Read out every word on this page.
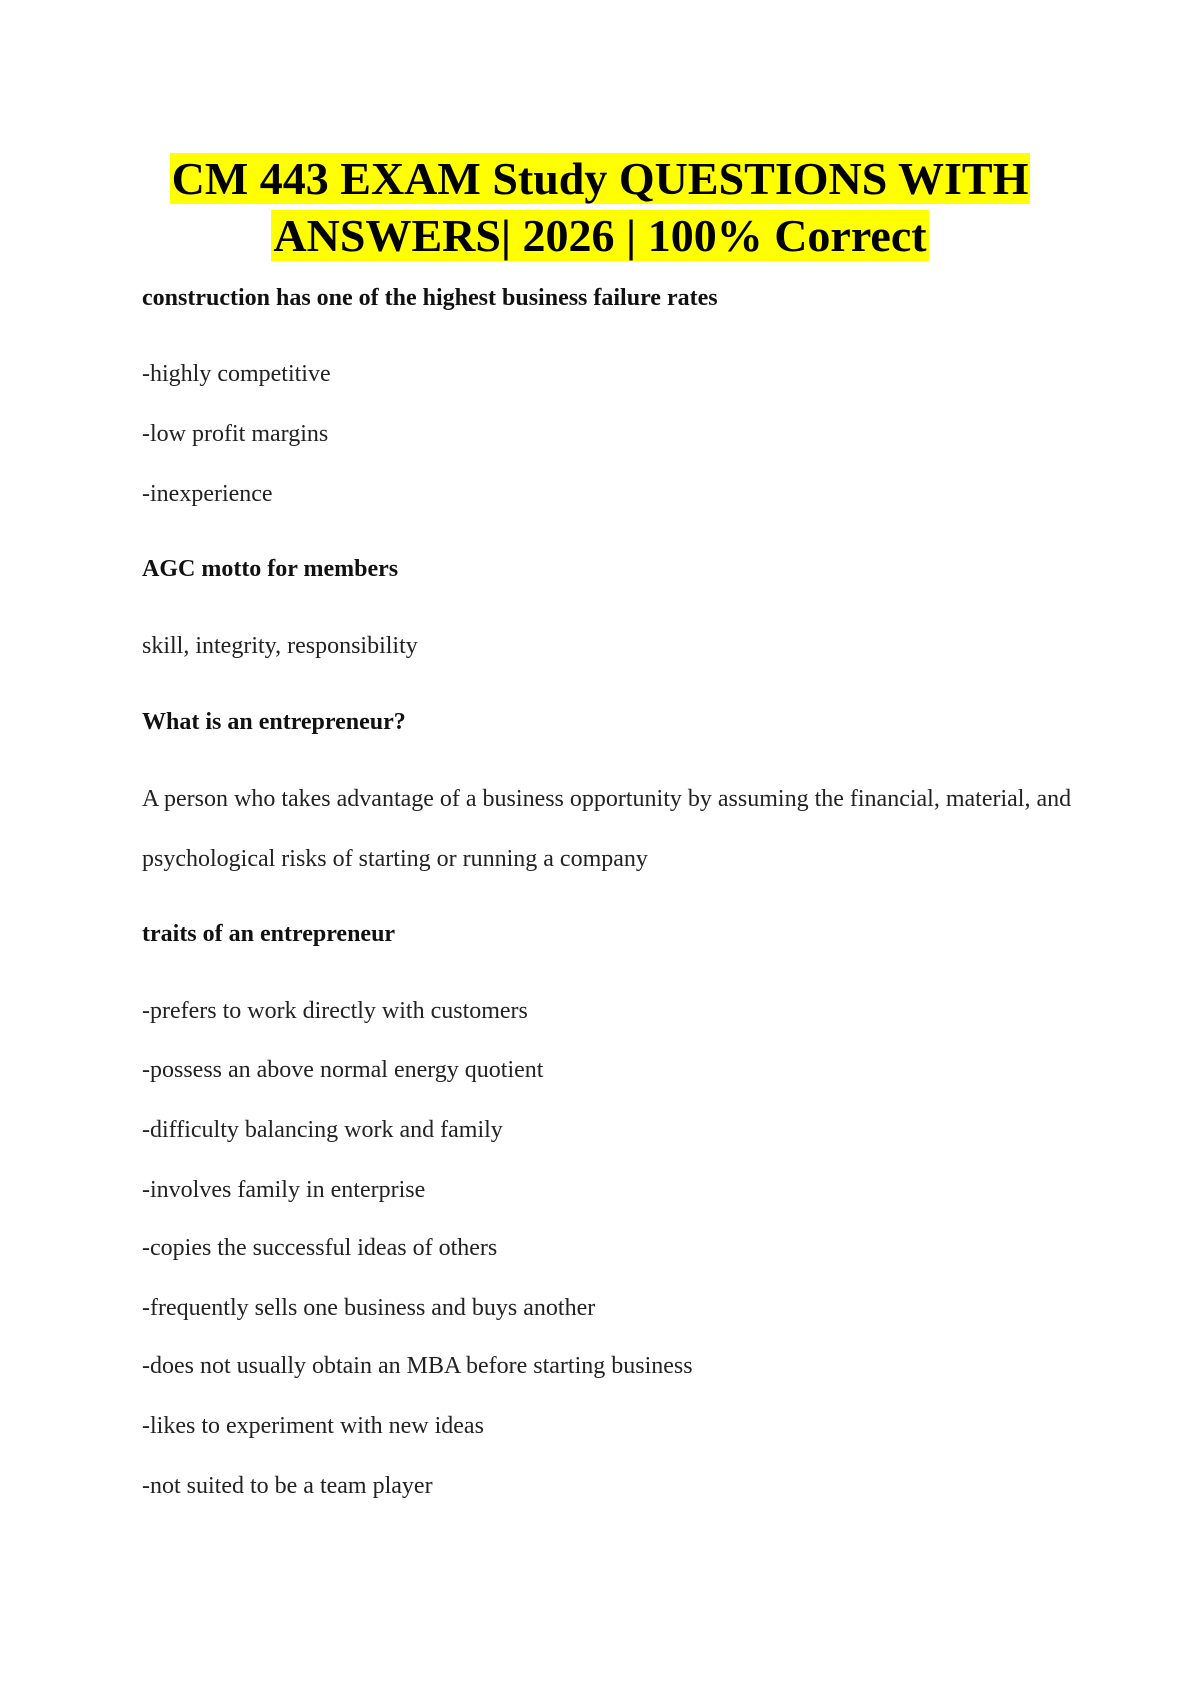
CM 443 EXAM Study QUESTIONS WITH
ANSWERS| 2026 | 100% Correct
construction has one of the highest business failure rates
-highly competitive
-low profit margins
-inexperience
AGC motto for members
skill, integrity, responsibility
What is an entrepreneur?
A person who takes advantage of a business opportunity by assuming the financial, material, and
psychological risks of starting or running a company
traits of an entrepreneur
-prefers to work directly with customers
-possess an above normal energy quotient
-difficulty balancing work and family
-involves family in enterprise
-copies the successful ideas of others
-frequently sells one business and buys another
-does not usually obtain an MBA before starting business
-likes to experiment with new ideas
-not suited to be a team player
